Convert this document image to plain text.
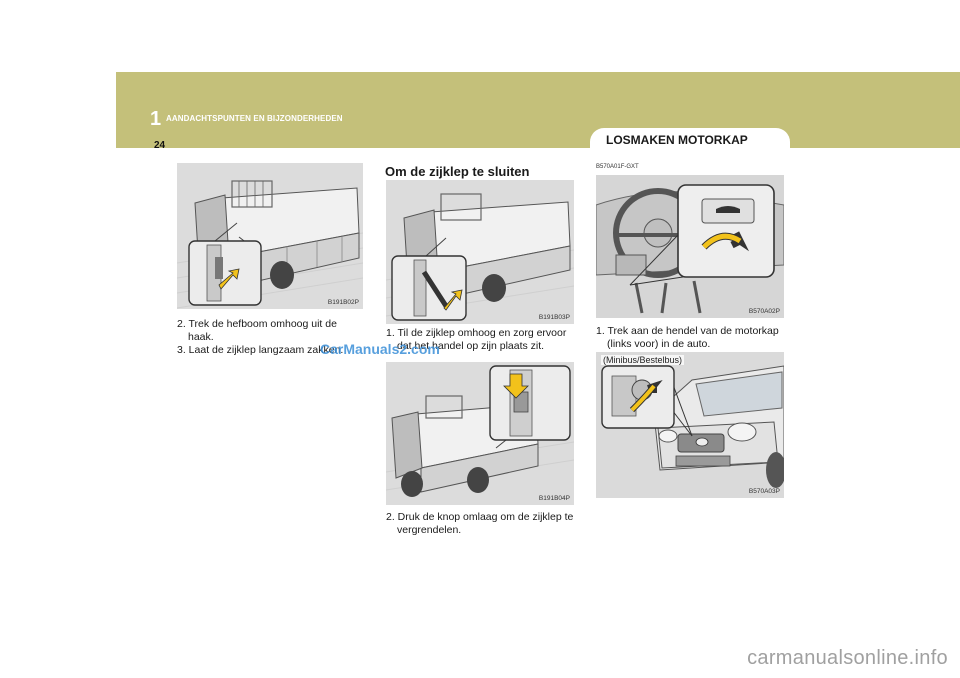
1 AANDACHTSPUNTEN EN BIJZONDERHEDEN
24	LOSMAKEN MOTORKAP
B191B02P
2. Trek de hefboom omhoog uit de haak.
3. Laat de zijklep langzaam zakken.
Om de zijklep te sluiten
B191B03P
1. Til de zijklep omhoog en zorg ervoor dat het handel op zijn plaats zit.
B191B04P
2. Druk de knop omlaag om de zijklep te vergrendelen.
B570A01F-GXT
B570A02P
1. Trek aan de hendel van de motorkap (links voor) in de auto.
(Minibus/Bestelbus)
B570A03P
CarManuals2.com
carmanualsonline.info
